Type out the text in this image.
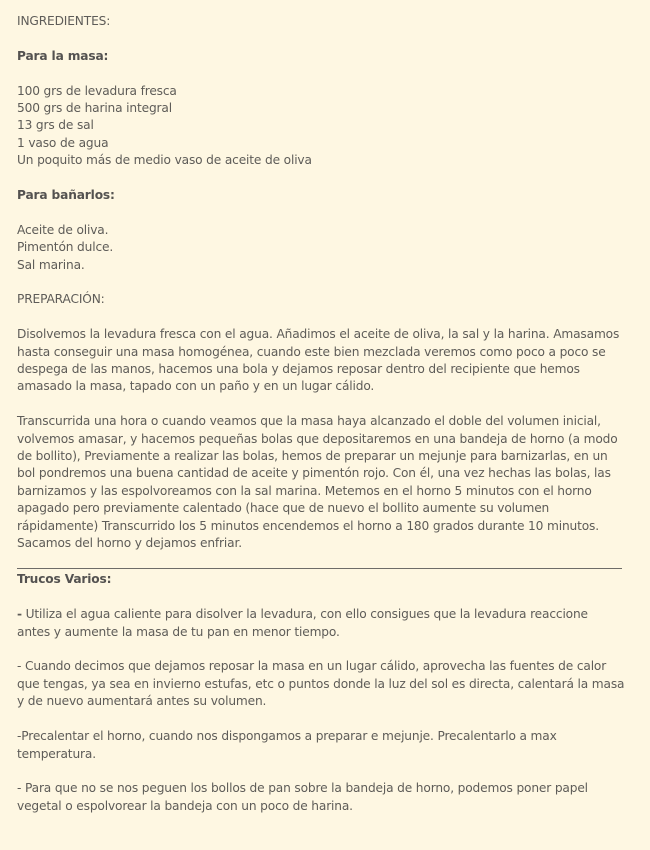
INGREDIENTES:
Para la masa:
100 grs de levadura fresca
500 grs de harina integral
13 grs de sal
1 vaso de agua
Un poquito más de medio vaso de aceite de oliva
Para bañarlos:
Aceite de oliva.
Pimentón dulce.
Sal marina.
PREPARACIÓN:
Disolvemos la levadura fresca con el agua. Añadimos el aceite de oliva, la sal y la harina. Amasamos
hasta conseguir una masa homogénea, cuando este bien mezclada veremos como poco a poco se
despega de las manos, hacemos una bola y dejamos reposar dentro del recipiente que hemos
amasado la masa, tapado con un paño y en un lugar cálido.
Transcurrida una hora o cuando veamos que la masa haya alcanzado el doble del volumen inicial,
volvemos amasar, y hacemos pequeñas bolas que depositaremos en una bandeja de horno (a modo
de bollito), Previamente a realizar las bolas, hemos de preparar un mejunje para barnizarlas, en un
bol pondremos una buena cantidad de aceite y pimentón rojo. Con él, una vez hechas las bolas, las
barnizamos y las espolvoreamos con la sal marina. Metemos en el horno 5 minutos con el horno
apagado pero previamente calentado (hace que de nuevo el bollito aumente su volumen
rápidamente) Transcurrido los 5 minutos encendemos el horno a 180 grados durante 10 minutos.
Sacamos del horno y dejamos enfriar.
Trucos Varios:
- Utiliza el agua caliente para disolver la levadura, con ello consigues que la levadura reaccione
antes y aumente la masa de tu pan en menor tiempo.
- Cuando decimos que dejamos reposar la masa en un lugar cálido, aprovecha las fuentes de calor
que tengas, ya sea en invierno estufas, etc o puntos donde la luz del sol es directa, calentará la masa
y de nuevo aumentará antes su volumen.
-Precalentar el horno, cuando nos dispongamos a preparar e mejunje. Precalentarlo a max
temperatura.
- Para que no se nos peguen los bollos de pan sobre la bandeja de horno, podemos poner papel
vegetal o espolvorear la bandeja con un poco de harina.
